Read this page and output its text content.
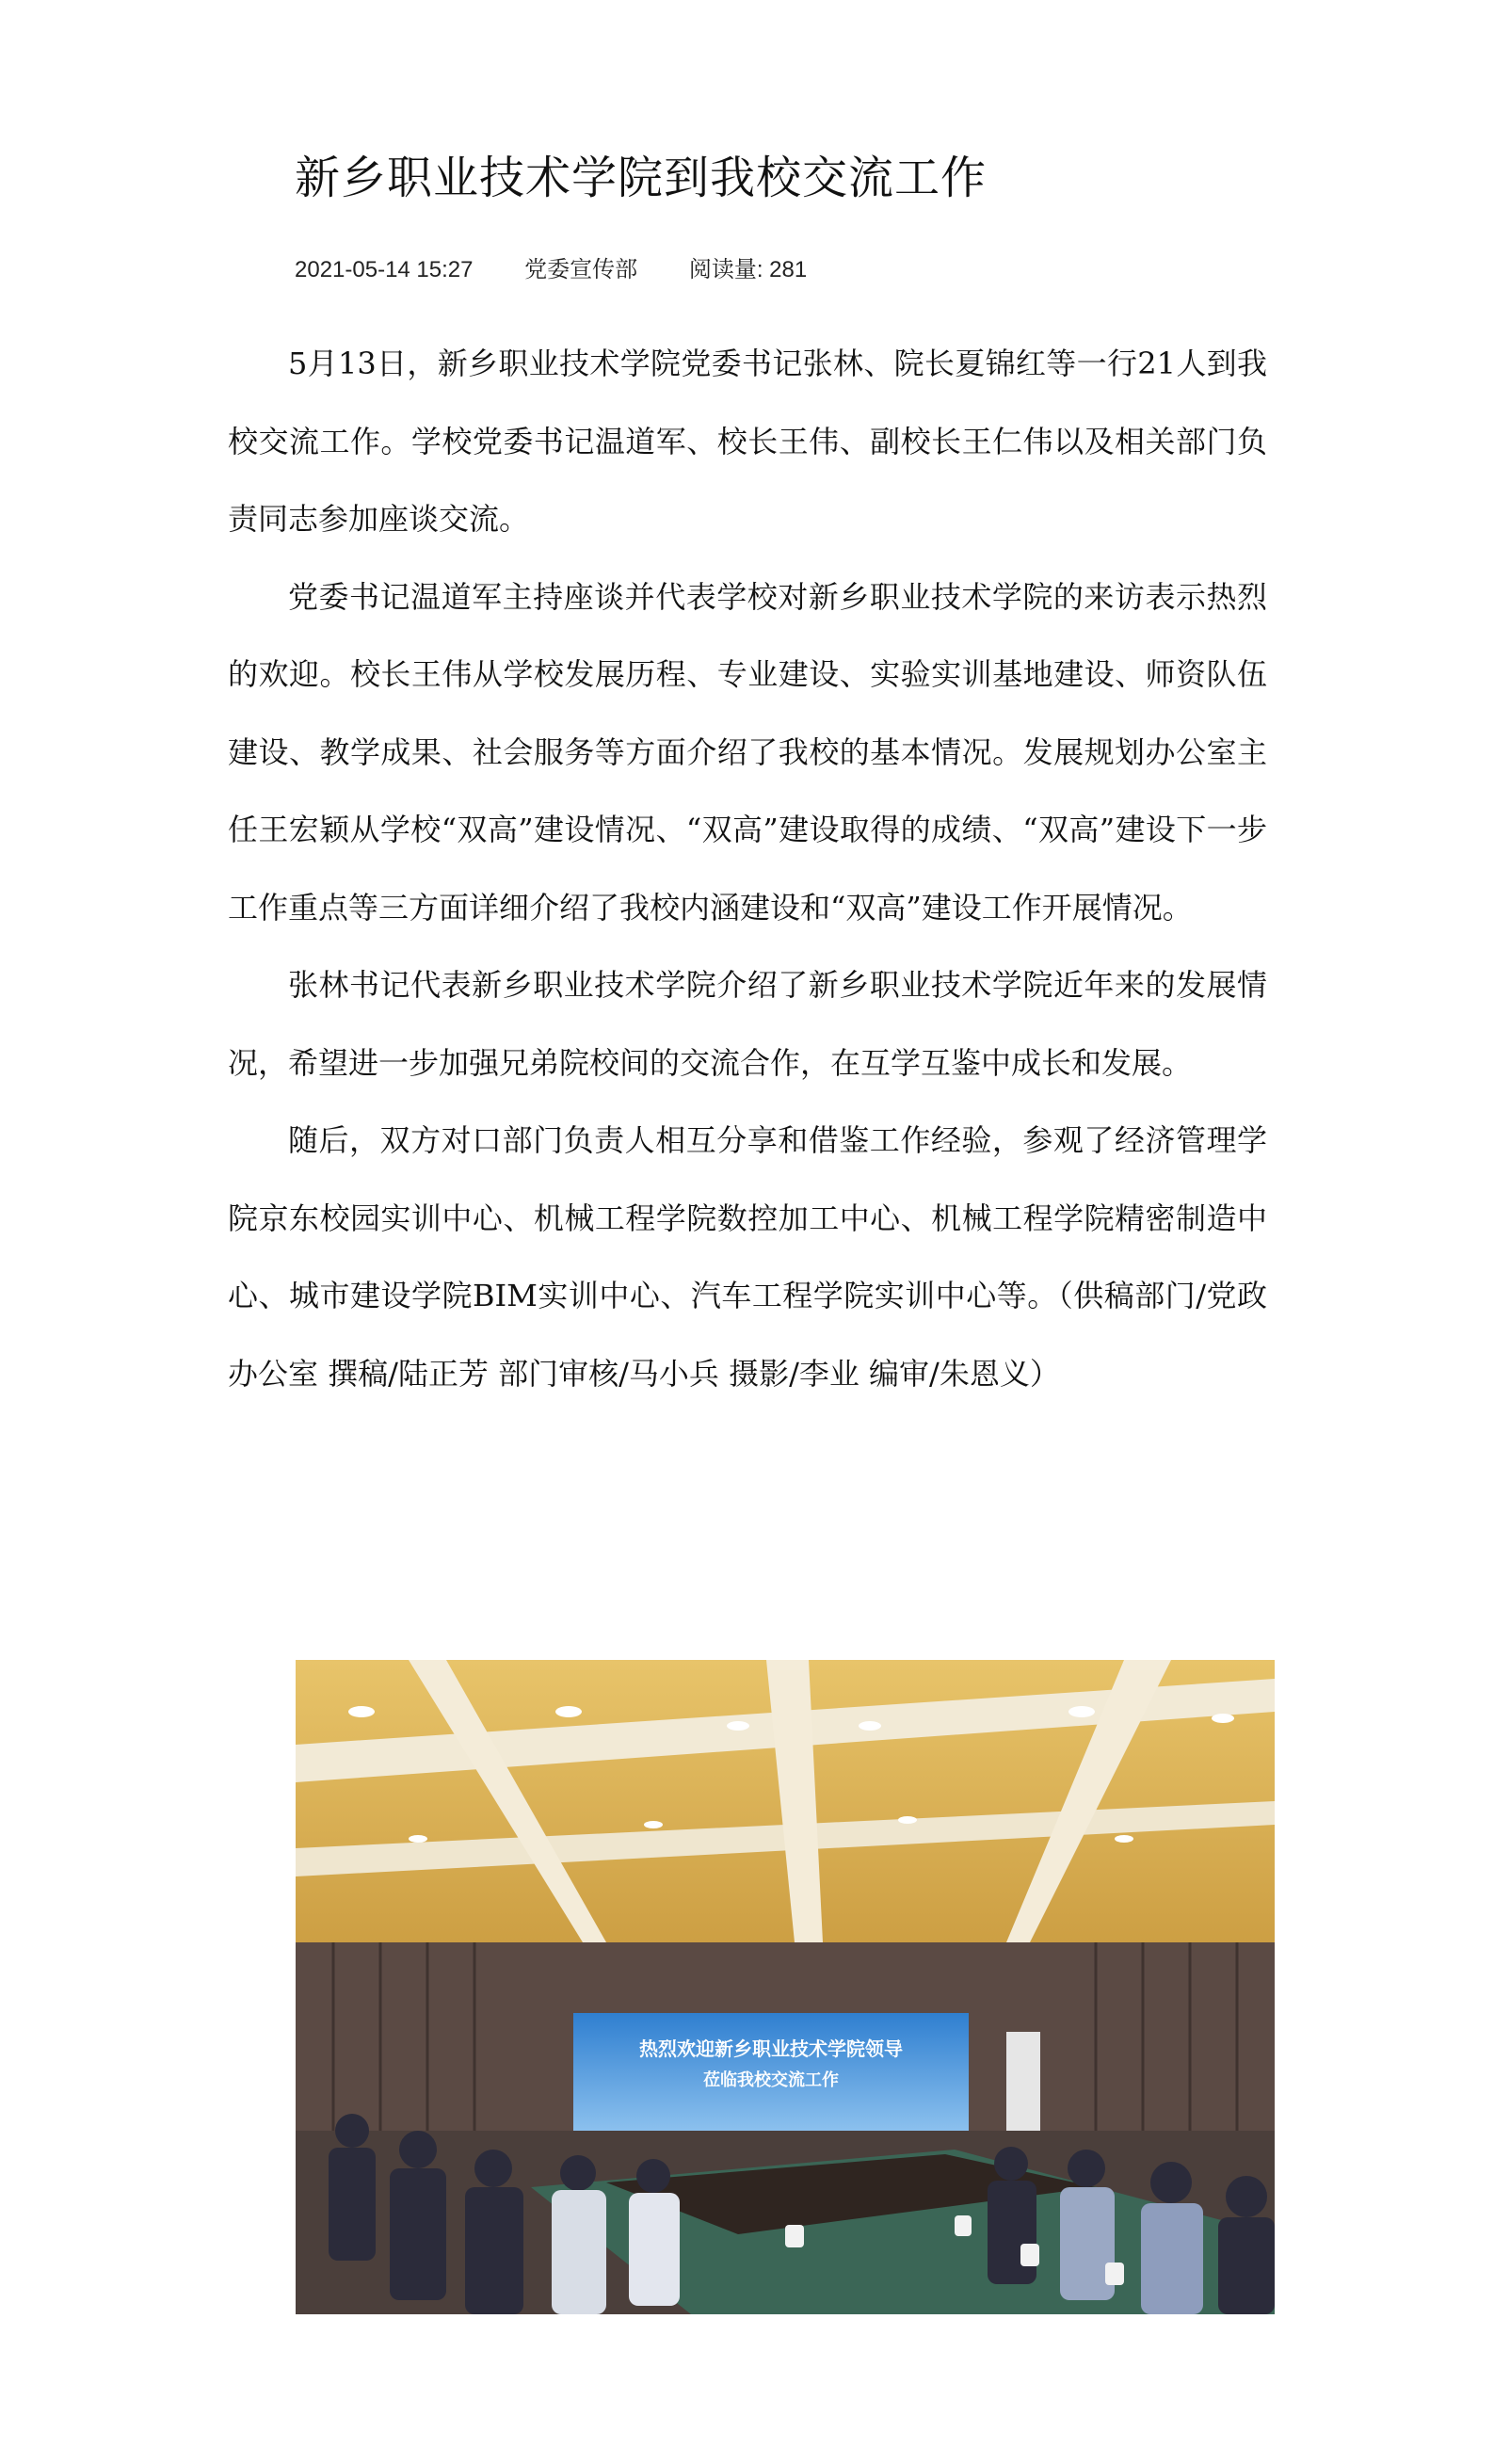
新乡职业技术学院到我校交流工作
2021-05-14 15:27 党委宣传部 阅读量: 281

5月13日，新乡职业技术学院党委书记张林、院长夏锦红等一行21人到我校交流工作。学校党委书记温道军、校长王伟、副校长王仁伟以及相关部门负责同志参加座谈交流。

党委书记温道军主持座谈并代表学校对新乡职业技术学院的来访表示热烈的欢迎。校长王伟从学校发展历程、专业建设、实验实训基地建设、师资队伍建设、教学成果、社会服务等方面介绍了我校的基本情况。发展规划办公室主任王宏颖从学校“双高”建设情况、“双高”建设取得的成绩、“双高”建设下一步工作重点等三方面详细介绍了我校内涵建设和“双高”建设工作开展情况。

张林书记代表新乡职业技术学院介绍了新乡职业技术学院近年来的发展情况，希望进一步加强兄弟院校间的交流合作，在互学互鉴中成长和发展。

随后，双方对口部门负责人相互分享和借鉴工作经验，参观了经济管理学院京东校园实训中心、机械工程学院数控加工中心、机械工程学院精密制造中心、城市建设学院BIM实训中心、汽车工程学院实训中心等。（供稿部门/党政办公室 撰稿/陆正芳 部门审核/马小兵 摄影/李业 编审/朱恩义）

热烈欢迎新乡职业技术学院领导
莅临我校交流工作
